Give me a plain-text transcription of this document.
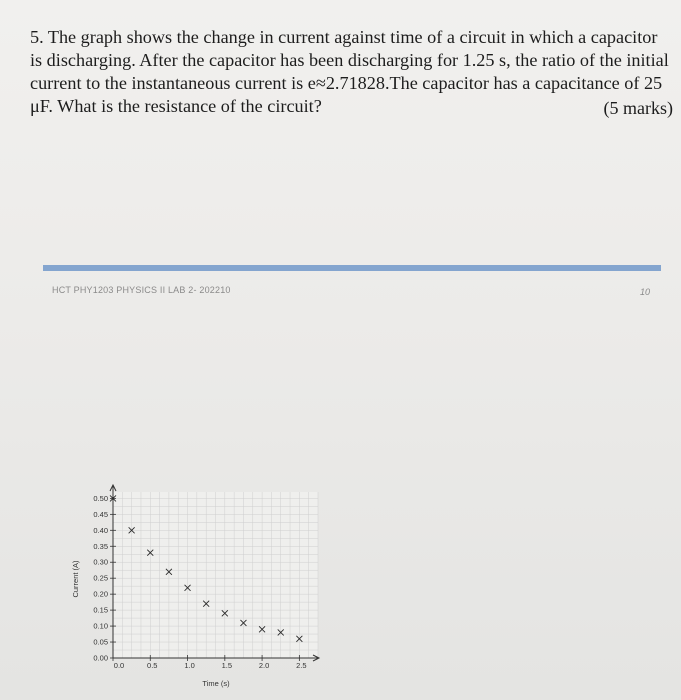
5. The graph shows the change in current against time of a circuit in which a capacitor is discharging. After the capacitor has been discharging for 1.25 s, the ratio of the initial current to the instantaneous current is e≈2.71828.The capacitor has a capacitance of 25 μF. What is the resistance of the circuit?	(5 marks)
HCT PHY1203 PHYSICS II LAB 2- 202210	10
0.50
0.45
0.40
0.35
0.30
0.25
0.20
0.15
0.10
0.05
0.00
0.0	0.5	1.0	1.5	2.0	2.5
Time (s)
Current (A)
